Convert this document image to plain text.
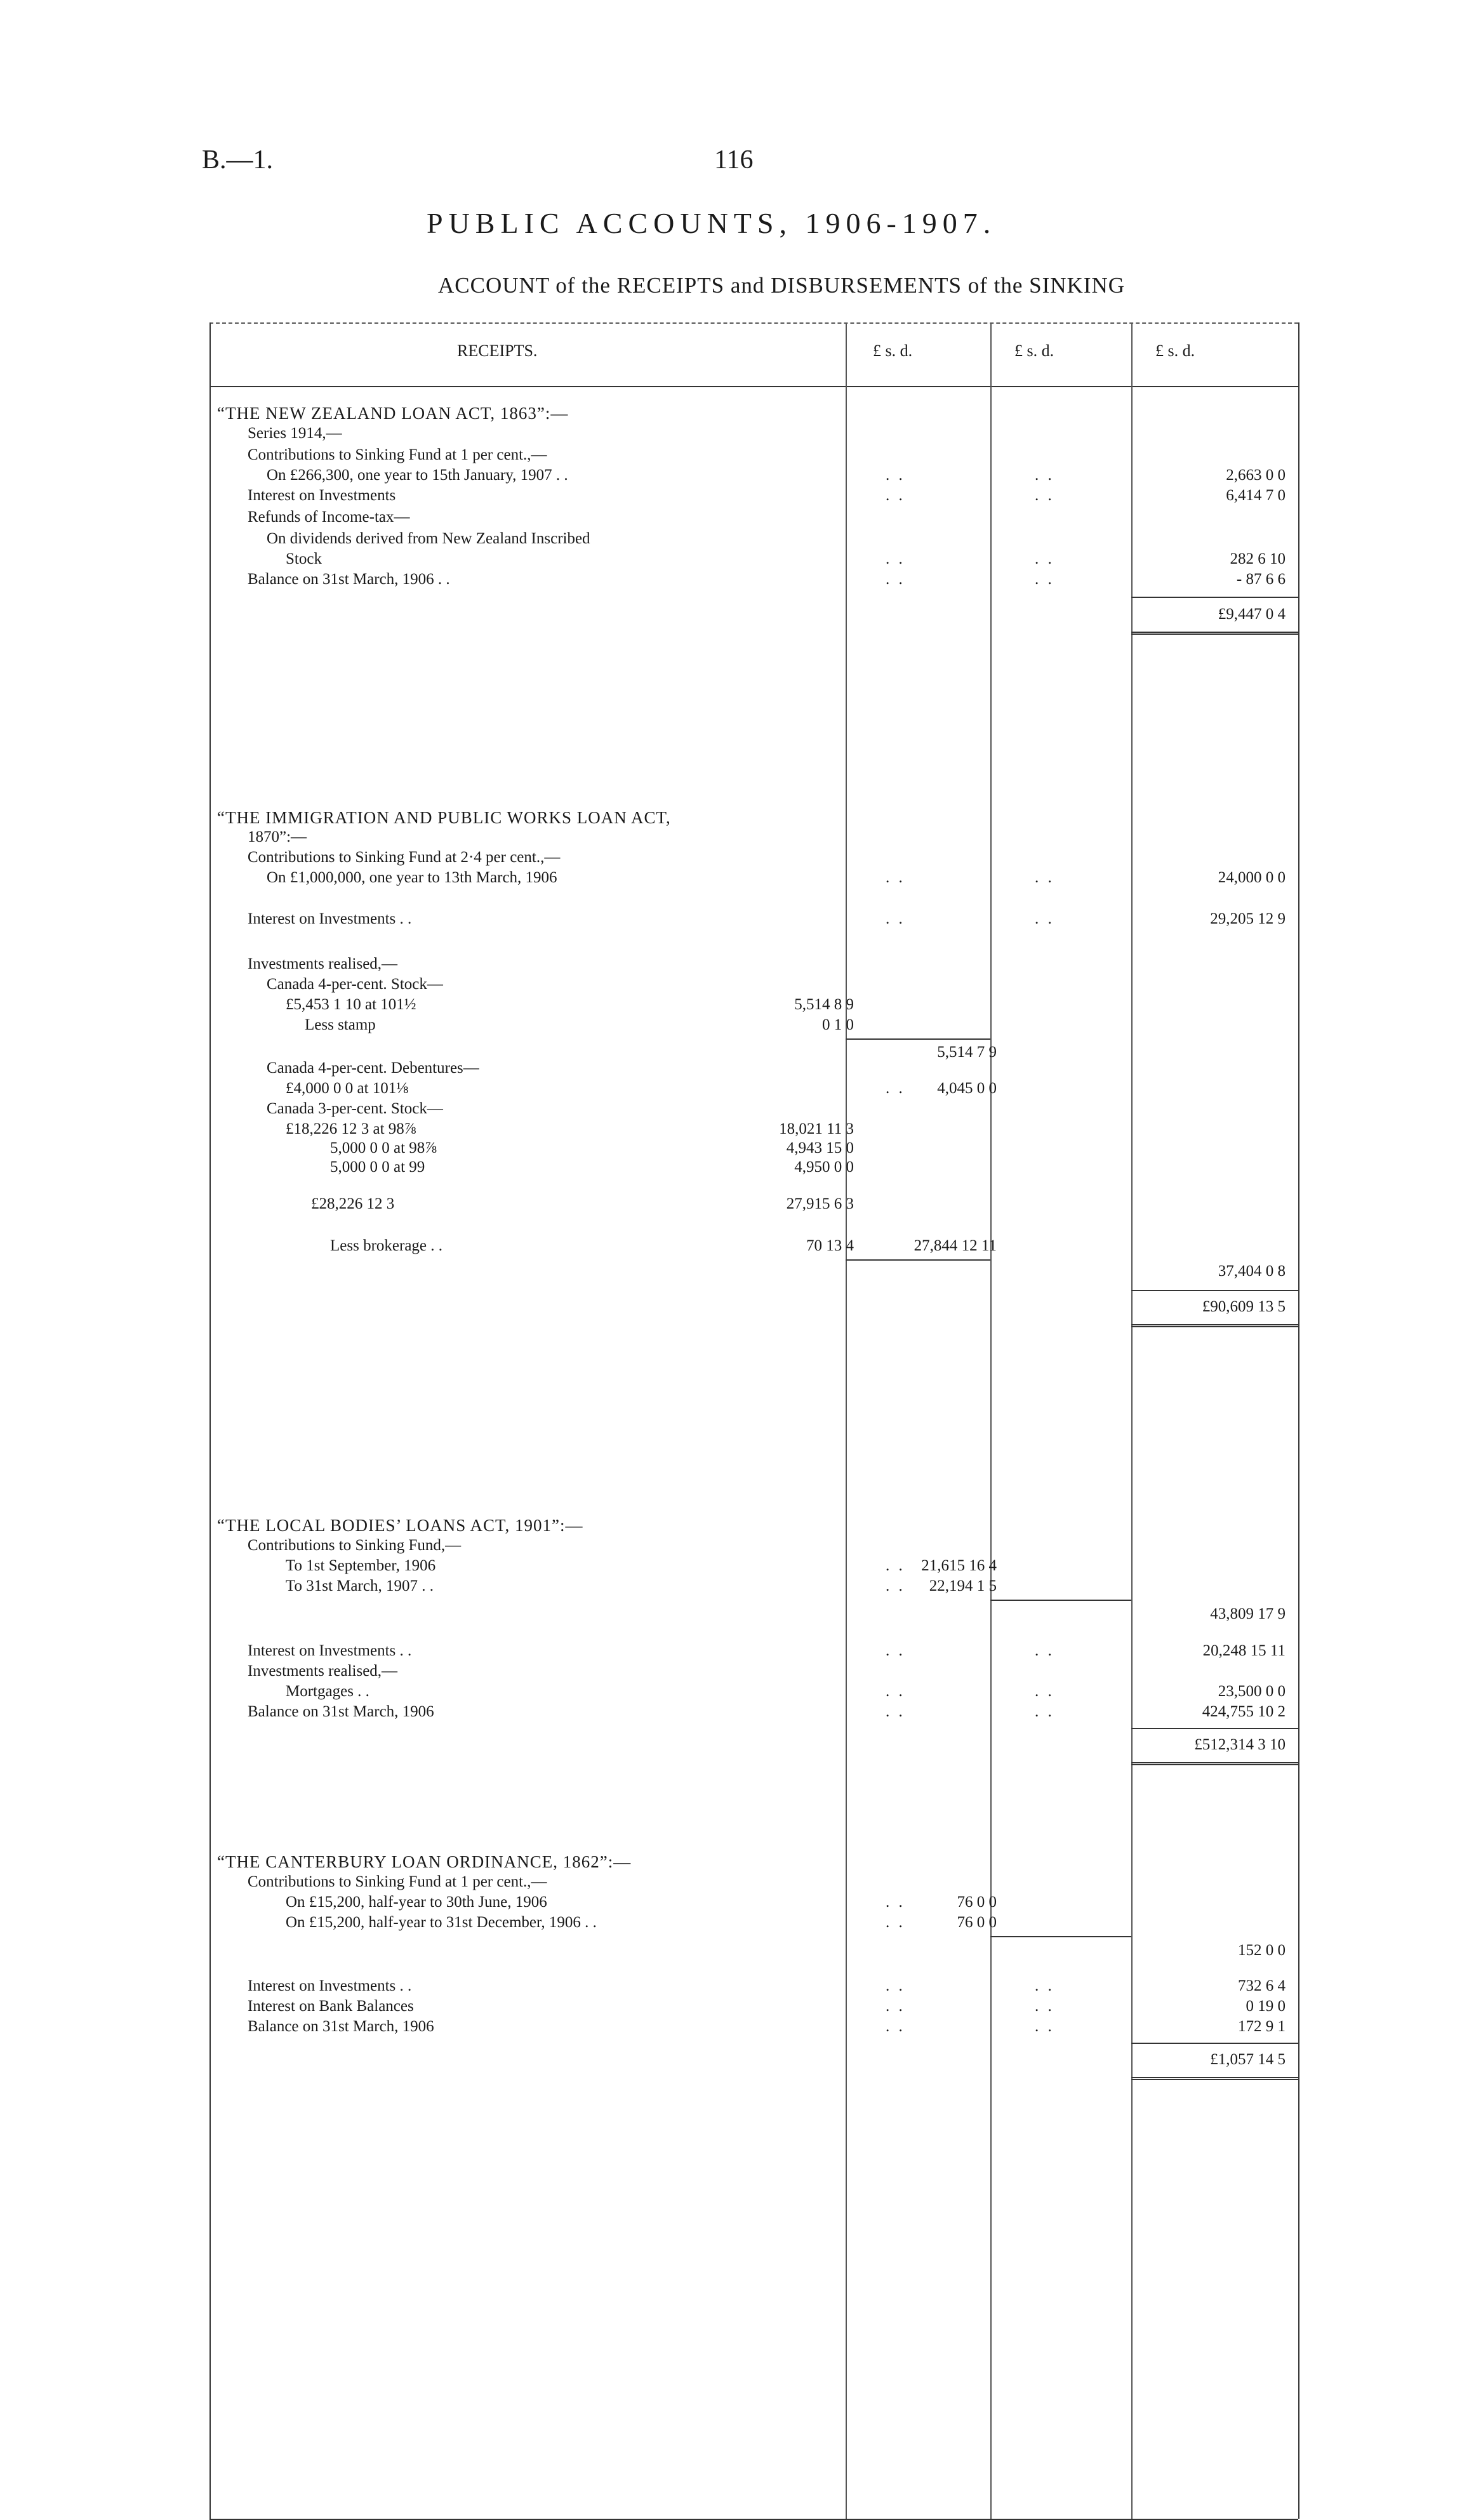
B.—1.	116
PUBLIC ACCOUNTS, 1906-1907.
ACCOUNT of the RECEIPTS and DISBURSEMENTS of the SINKING
RECEIPTS.	£ s. d.	£ s. d.	£ s. d.
“THE NEW ZEALAND LOAN ACT, 1863”:—
Series 1914,—
Contributions to Sinking Fund at 1 per cent.,—
On £266,300, one year to 15th January, 1907 . .	. .	. .	2,663 0 0
Interest on Investments	. .	. .	6,414 7 0
Refunds of Income-tax—
On dividends derived from New Zealand Inscribed
Stock	. .	. .	282 6 10
Balance on 31st March, 1906 . .	. .	. .	- 87 6 6
£9,447 0 4
“THE IMMIGRATION AND PUBLIC WORKS LOAN ACT,
1870”:—
Contributions to Sinking Fund at 2·4 per cent.,—
On £1,000,000, one year to 13th March, 1906	. .	. .	24,000 0 0
Interest on Investments . .	. .	. .	29,205 12 9
Investments realised,—
Canada 4-per-cent. Stock—
£5,453 1 10 at 101½	5,514 8 9
Less stamp	0 1 0
5,514 7 9
Canada 4-per-cent. Debentures—
£4,000 0 0 at 101⅛	. .	4,045 0 0
Canada 3-per-cent. Stock—
£18,226 12 3 at 98⅞	18,021 11 3
5,000 0 0 at 98⅞	4,943 15 0
5,000 0 0 at 99	4,950 0 0
£28,226 12 3	27,915 6 3
Less brokerage . .	70 13 4	27,844 12 11
37,404 0 8
£90,609 13 5
“THE LOCAL BODIES’ LOANS ACT, 1901”:—
Contributions to Sinking Fund,—
To 1st September, 1906	. .	21,615 16 4
To 31st March, 1907 . .	. .	22,194 1 5
43,809 17 9
Interest on Investments . .	. .	. .	20,248 15 11
Investments realised,—
Mortgages . .	. .	. .	23,500 0 0
Balance on 31st March, 1906	. .	. .	424,755 10 2
£512,314 3 10
“THE CANTERBURY LOAN ORDINANCE, 1862”:—
Contributions to Sinking Fund at 1 per cent.,—
On £15,200, half-year to 30th June, 1906	. .	76 0 0
On £15,200, half-year to 31st December, 1906 . .	. .	76 0 0
152 0 0
Interest on Investments . .	. .	. .	732 6 4
Interest on Bank Balances	. .	. .	0 19 0
Balance on 31st March, 1906	. .	. .	172 9 1
£1,057 14 5
